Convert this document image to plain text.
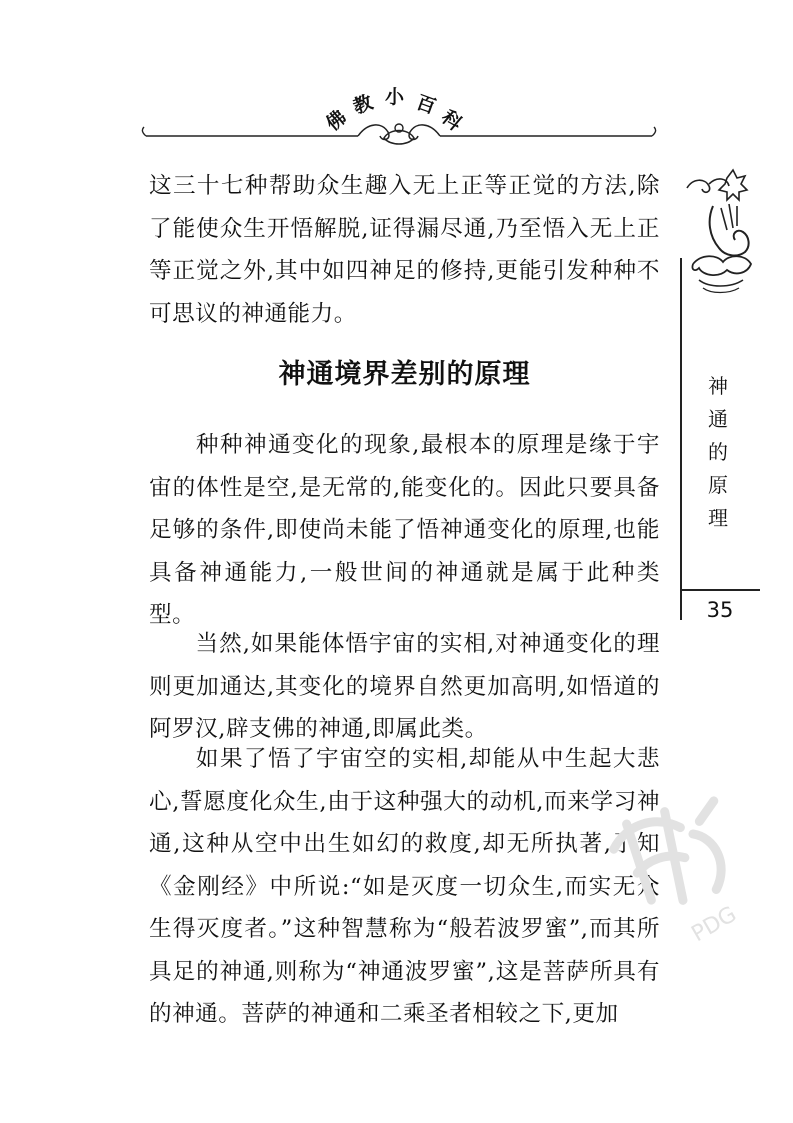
佛
教 小 百
科

这三十七种帮助众生趣入无上正等正觉的方法,除了能使众生开悟解脱,证得漏尽通,乃至悟入无上正等正觉之外,其中如四神足的修持,更能引发种种不可思议的神通能力。

神通境界差别的原理

种种神通变化的现象,最根本的原理是缘于宇宙的体性是空,是无常的,能变化的。因此只要具备足够的条件,即使尚未能了悟神通变化的原理,也能具备神通能力,一般世间的神通就是属于此种类型。

当然,如果能体悟宇宙的实相,对神通变化的理则更加通达,其变化的境界自然更加高明,如悟道的阿罗汉,辟支佛的神通,即属此类。

如果了悟了宇宙空的实相,却能从中生起大悲心,誓愿度化众生,由于这种强大的动机,而来学习神通,这种从空中出生如幻的救度,却无所执著,了知《金刚经》中所说:“如是灭度一切众生,而实无众生得灭度者。”这种智慧称为“般若波罗蜜”,而其所具足的神通,则称为“神通波罗蜜”,这是菩萨所具有的神通。菩萨的神通和二乘圣者相较之下,更加

神
通
的
原
理
35
PDG
